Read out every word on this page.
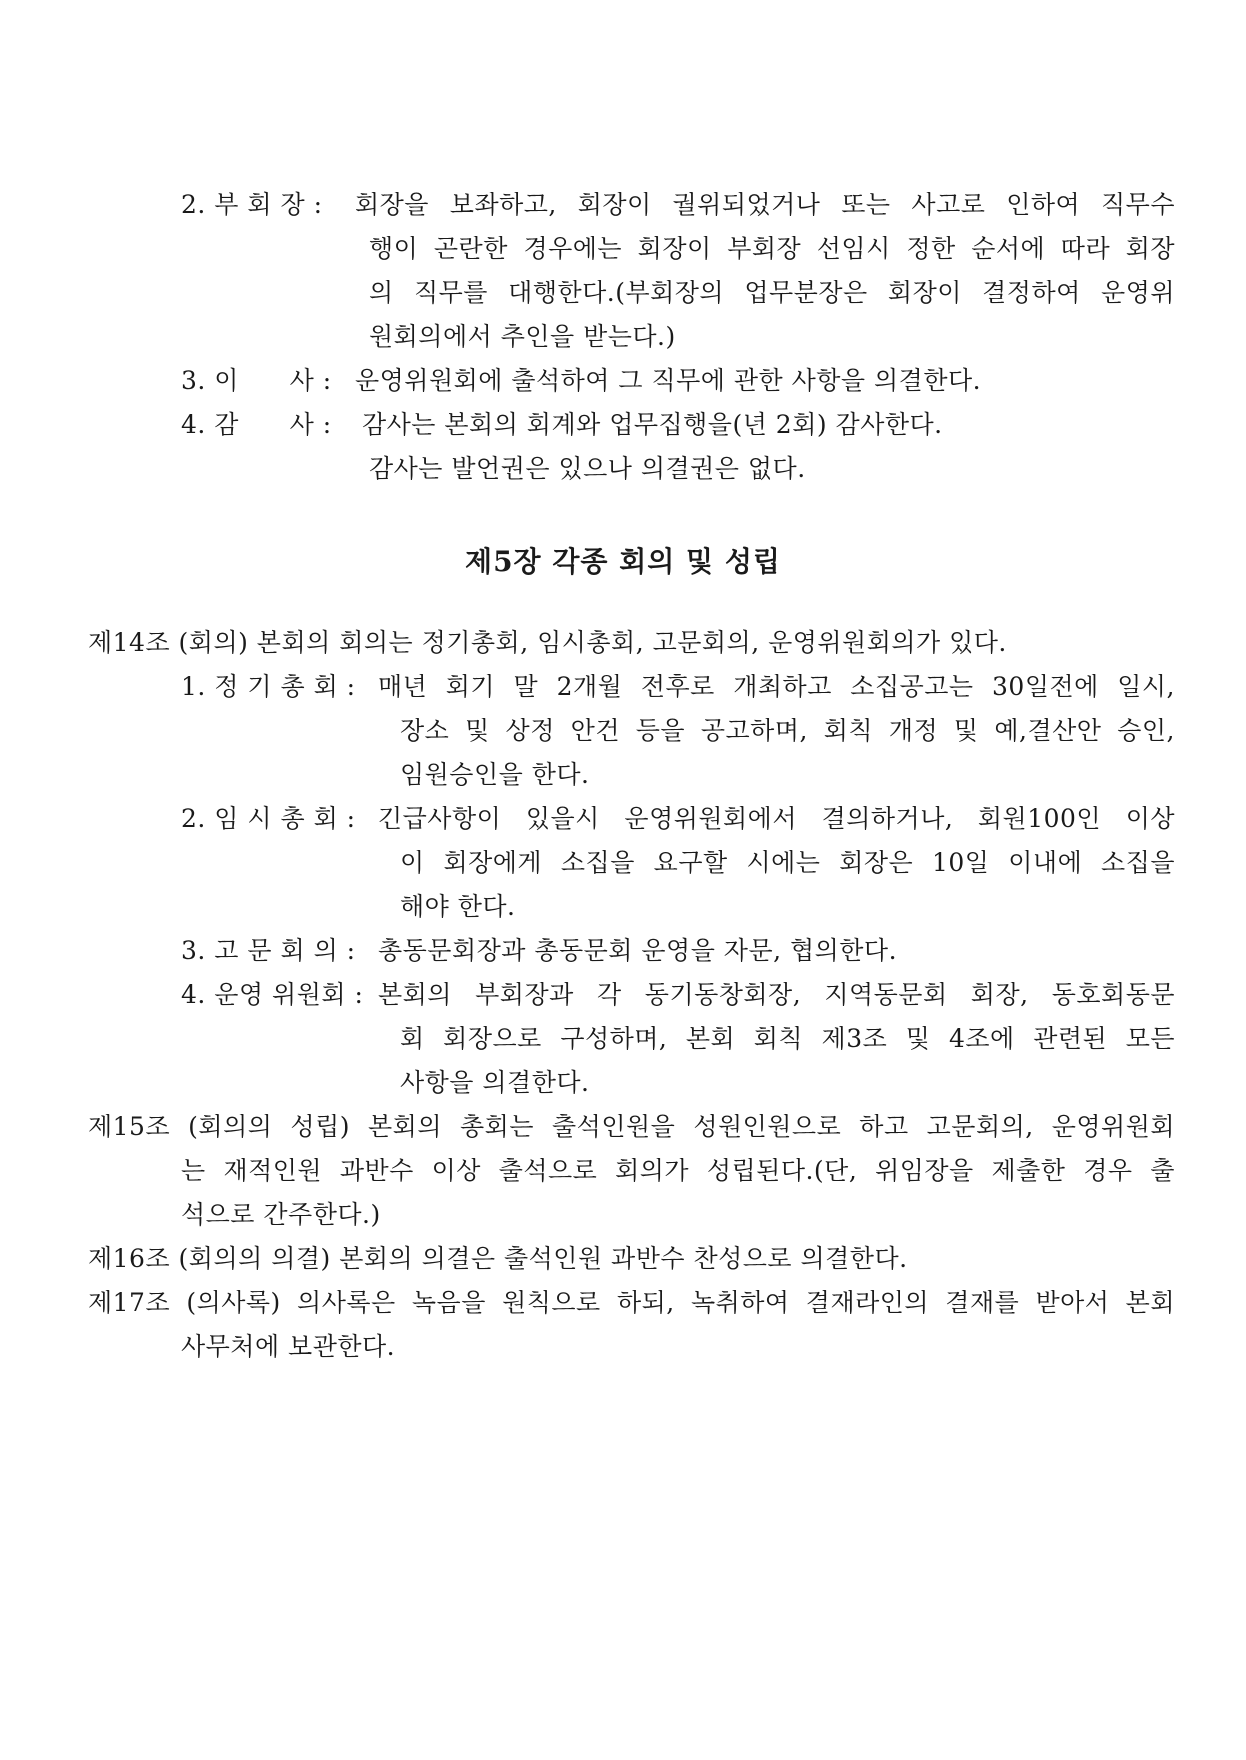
2. 부 회 장 : 회장을 보좌하고, 회장이 궐위되었거나 또는 사고로 인하여 직무수
행이 곤란한 경우에는 회장이 부회장 선임시 정한 순서에 따라 회장
의 직무를 대행한다.(부회장의 업무분장은 회장이 결정하여 운영위
원회의에서 추인을 받는다.)
3. 이      사 : 운영위원회에 출석하여 그 직무에 관한 사항을 의결한다.
4. 감      사 : 감사는 본회의 회계와 업무집행을(년 2회) 감사한다.
감사는 발언권은 있으나 의결권은 없다.
제5장 각종 회의 및 성립
제14조 (회의) 본회의 회의는 정기총회, 임시총회, 고문회의, 운영위원회의가 있다.
1. 정 기 총 회 : 매년 회기 말 2개월 전후로 개최하고 소집공고는 30일전에 일시,
장소 및 상정 안건 등을 공고하며, 회칙 개정 및 예,결산안 승인,
임원승인을 한다.
2. 임 시 총 회 : 긴급사항이 있을시 운영위원회에서 결의하거나, 회원100인 이상
이 회장에게 소집을 요구할 시에는 회장은 10일 이내에 소집을
해야 한다.
3. 고 문 회 의 : 총동문회장과 총동문회 운영을 자문, 협의한다.
4. 운영 위원회 : 본회의 부회장과 각 동기동창회장, 지역동문회 회장, 동호회동문
회 회장으로 구성하며, 본회 회칙 제3조 및 4조에 관련된 모든
사항을 의결한다.
제15조 (회의의 성립) 본회의 총회는 출석인원을 성원인원으로 하고 고문회의, 운영위원회
는 재적인원 과반수 이상 출석으로 회의가 성립된다.(단, 위임장을 제출한 경우 출
석으로 간주한다.)
제16조 (회의의 의결) 본회의 의결은 출석인원 과반수 찬성으로 의결한다.
제17조 (의사록) 의사록은 녹음을 원칙으로 하되, 녹취하여 결재라인의 결재를 받아서 본회
사무처에 보관한다.
